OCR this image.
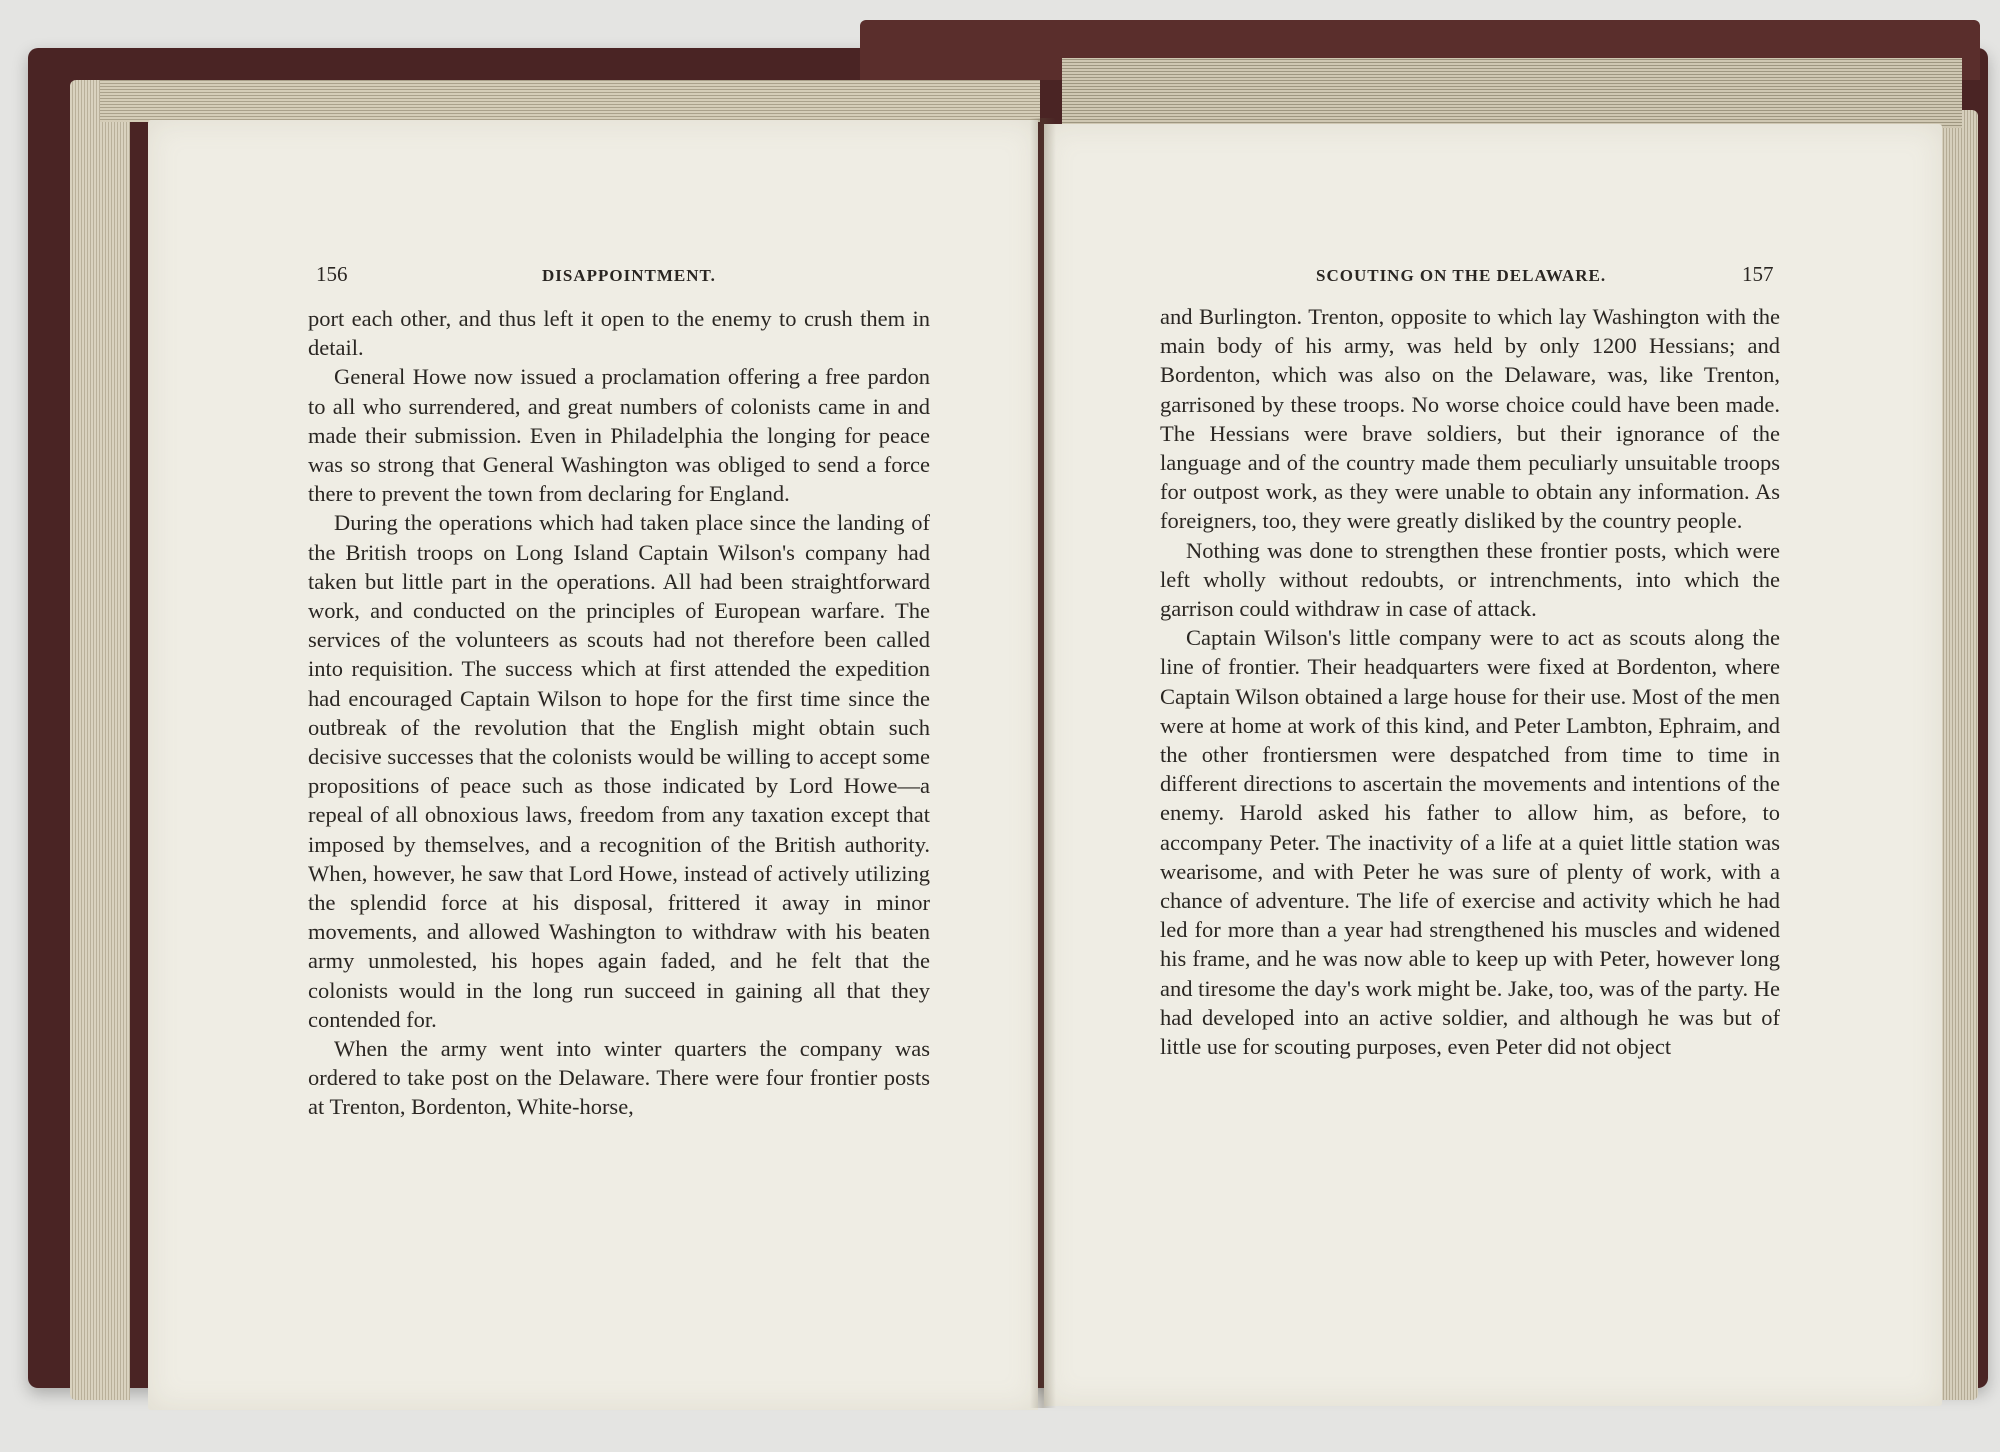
156	DISAPPOINTMENT.	SCOUTING ON THE DELAWARE.	157

port each other, and thus left it open to the enemy to crush them in detail.

General Howe now issued a proclamation offering a free pardon to all who surrendered, and great numbers of colonists came in and made their submission. Even in Philadelphia the longing for peace was so strong that General Washington was obliged to send a force there to prevent the town from declaring for England.

During the operations which had taken place since the landing of the British troops on Long Island Captain Wilson's company had taken but little part in the operations. All had been straightforward work, and conducted on the principles of European warfare. The services of the volunteers as scouts had not therefore been called into requisition. The success which at first attended the expedition had encouraged Captain Wilson to hope for the first time since the outbreak of the revolution that the English might obtain such decisive successes that the colonists would be willing to accept some propositions of peace such as those indicated by Lord Howe—a repeal of all obnoxious laws, freedom from any taxation except that imposed by themselves, and a recognition of the British authority. When, however, he saw that Lord Howe, instead of actively utilizing the splendid force at his disposal, frittered it away in minor movements, and allowed Washington to withdraw with his beaten army unmolested, his hopes again faded, and he felt that the colonists would in the long run succeed in gaining all that they contended for.

When the army went into winter quarters the company was ordered to take post on the Delaware. There were four frontier posts at Trenton, Bordenton, White-horse,

and Burlington. Trenton, opposite to which lay Washington with the main body of his army, was held by only 1200 Hessians; and Bordenton, which was also on the Delaware, was, like Trenton, garrisoned by these troops. No worse choice could have been made. The Hessians were brave soldiers, but their ignorance of the language and of the country made them peculiarly unsuitable troops for outpost work, as they were unable to obtain any information. As foreigners, too, they were greatly disliked by the country people.

Nothing was done to strengthen these frontier posts, which were left wholly without redoubts, or intrenchments, into which the garrison could withdraw in case of attack.

Captain Wilson's little company were to act as scouts along the line of frontier. Their headquarters were fixed at Bordenton, where Captain Wilson obtained a large house for their use. Most of the men were at home at work of this kind, and Peter Lambton, Ephraim, and the other frontiersmen were despatched from time to time in different directions to ascertain the movements and intentions of the enemy. Harold asked his father to allow him, as before, to accompany Peter. The inactivity of a life at a quiet little station was wearisome, and with Peter he was sure of plenty of work, with a chance of adventure. The life of exercise and activity which he had led for more than a year had strengthened his muscles and widened his frame, and he was now able to keep up with Peter, however long and tiresome the day's work might be. Jake, too, was of the party. He had developed into an active soldier, and although he was but of little use for scouting purposes, even Peter did not object
